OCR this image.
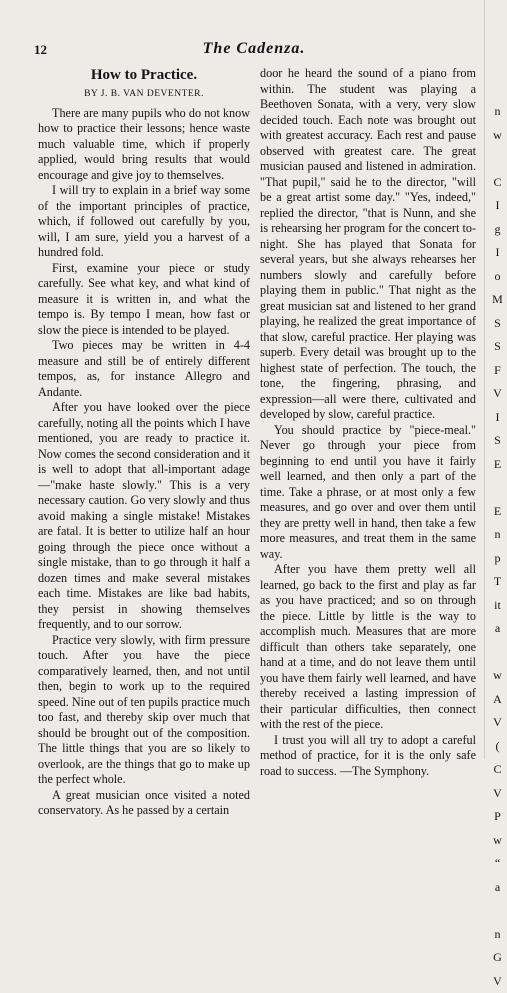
12	The Cadenza.

How to Practice.

BY J. B. VAN DEVENTER.

There are many pupils who do not know how to practice their lessons; hence waste much valuable time, which if properly applied, would bring results that would encourage and give joy to themselves.

I will try to explain in a brief way some of the important principles of practice, which, if followed out carefully by you, will, I am sure, yield you a harvest of a hundred fold.

First, examine your piece or study carefully. See what key, and what kind of measure it is written in, and what the tempo is. By tempo I mean, how fast or slow the piece is intended to be played.

Two pieces may be written in 4-4 measure and still be of entirely different tempos, as, for instance Allegro and Andante.

After you have looked over the piece carefully, noting all the points which I have mentioned, you are ready to practice it. Now comes the second consideration and it is well to adopt that all-important adage—"make haste slowly." This is a very necessary caution. Go very slowly and thus avoid making a single mistake! Mistakes are fatal. It is better to utilize half an hour going through the piece once without a single mistake, than to go through it half a dozen times and make several mistakes each time. Mistakes are like bad habits, they persist in showing themselves frequently, and to our sorrow.

Practice very slowly, with firm pressure touch. After you have the piece comparatively learned, then, and not until then, begin to work up to the required speed. Nine out of ten pupils practice much too fast, and thereby skip over much that should be brought out of the composition. The little things that you are so likely to overlook, are the things that go to make up the perfect whole.

A great musician once visited a noted conservatory. As he passed by a certain

door he heard the sound of a piano from within. The student was playing a Beethoven Sonata, with a very, very slow decided touch. Each note was brought out with greatest accuracy. Each rest and pause observed with greatest care. The great musician paused and listened in admiration. "That pupil," said he to the director, "will be a great artist some day." "Yes, indeed," replied the director, "that is Nunn, and she is rehearsing her program for the concert to-night. She has played that Sonata for several years, but she always rehearses her numbers slowly and carefully before playing them in public." That night as the great musician sat and listened to her grand playing, he realized the great importance of that slow, careful practice. Her playing was superb. Every detail was brought up to the highest state of perfection. The touch, the tone, the fingering, phrasing, and expression—all were there, cultivated and developed by slow, careful practice.

You should practice by "piece-meal." Never go through your piece from beginning to end until you have it fairly well learned, and then only a part of the time. Take a phrase, or at most only a few measures, and go over and over them until they are pretty well in hand, then take a few more measures, and treat them in the same way.

After you have them pretty well all learned, go back to the first and play as far as you have practiced; and so on through the piece. Little by little is the way to accomplish much. Measures that are more difficult than others take separately, one hand at a time, and do not leave them until you have them fairly well learned, and have thereby received a lasting impression of their particular difficulties, then connect with the rest of the piece.

I trust you will all try to adopt a careful method of practice, for it is the only safe road to success. —The Symphony.

n
w

C
I
g
I
o
M
S
S
F
V
I
S
E

E
n
p
T
it
a

w
A
V
(
C
V
P
w
“
a

n
G
V
